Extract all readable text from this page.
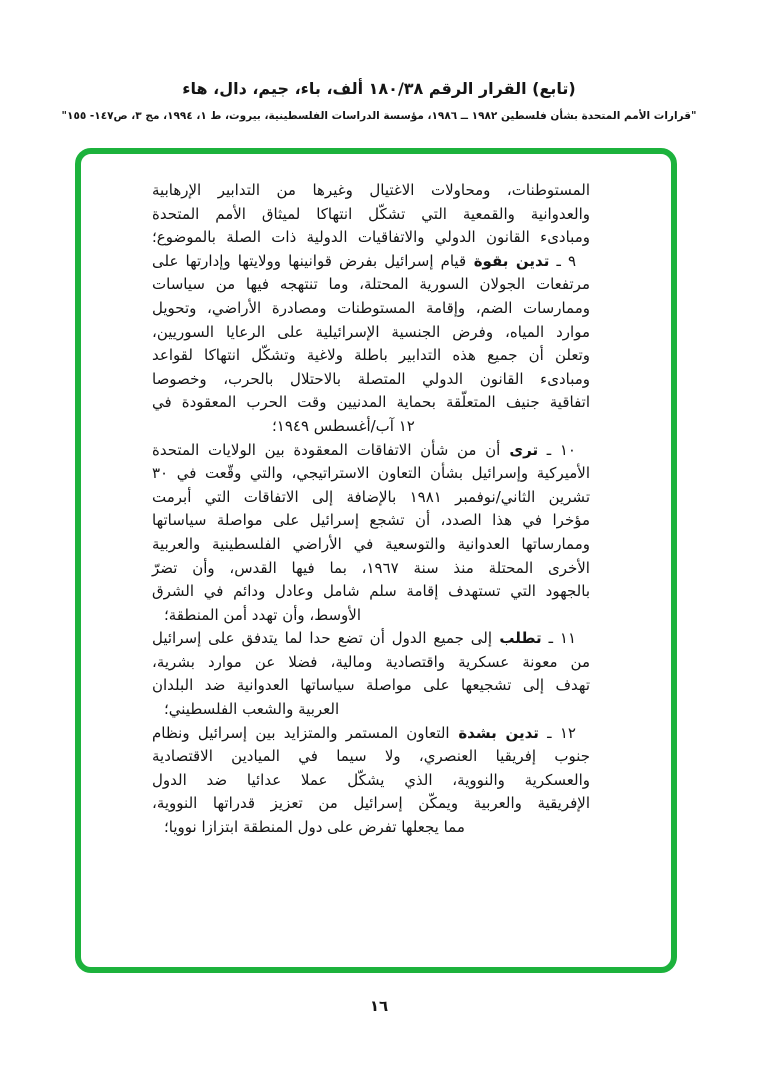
(تابع) القرار الرقم ١٨٠/٣٨ ألف، باء، جيم، دال، هاء
"قرارات الأمم المتحدة بشأن فلسطين ١٩٨٢ ــ ١٩٨٦، مؤسسة الدراسات الفلسطينية، بيروت، ط ١، ١٩٩٤، مج ٣، ص١٤٧- ١٥٥"
المستوطنات، ومحاولات الاغتيال وغيرها من التدابير الإرهابية
والعدوانية والقمعية التي تشكّل انتهاكا لميثاق الأمم المتحدة
ومبادىء القانون الدولي والاتفاقيات الدولية ذات الصلة بالموضوع؛
٩ ـ تدين بقوة قيام إسرائيل بفرض قوانينها وولايتها وإدارتها على
مرتفعات الجولان السورية المحتلة، وما تنتهجه فيها من سياسات
وممارسات الضم، وإقامة المستوطنات ومصادرة الأراضي، وتحويل
موارد المياه، وفرض الجنسية الإسرائيلية على الرعايا السوريين،
وتعلن أن جميع هذه التدابير باطلة ولاغية وتشكّل انتهاكا لقواعد
ومبادىء القانون الدولي المتصلة بالاحتلال بالحرب، وخصوصا
اتفاقية جنيف المتعلّقة بحماية المدنيين وقت الحرب المعقودة في
١٢ آب/أغسطس ١٩٤٩؛
١٠ ـ ترى أن من شأن الاتفاقات المعقودة بين الولايات المتحدة
الأميركية وإسرائيل بشأن التعاون الاستراتيجي، والتي وقّعت في ٣٠
تشرين الثاني/نوفمبر ١٩٨١ بالإضافة إلى الاتفاقات التي أبرمت
مؤخرا في هذا الصدد، أن تشجع إسرائيل على مواصلة سياساتها
وممارساتها العدوانية والتوسعية في الأراضي الفلسطينية والعربية
الأخرى المحتلة منذ سنة ١٩٦٧، بما فيها القدس، وأن تضرّ
بالجهود التي تستهدف إقامة سلم شامل وعادل ودائم في الشرق
الأوسط، وأن تهدد أمن المنطقة؛
١١ ـ تطلب إلى جميع الدول أن تضع حدا لما يتدفق على إسرائيل
من معونة عسكرية واقتصادية ومالية، فضلا عن موارد بشرية،
تهدف إلى تشجيعها على مواصلة سياساتها العدوانية ضد البلدان
العربية والشعب الفلسطيني؛
١٢ ـ تدين بشدة التعاون المستمر والمتزايد بين إسرائيل ونظام
جنوب إفريقيا العنصري، ولا سيما في الميادين الاقتصادية
والعسكرية والنووية، الذي يشكّل عملا عدائيا ضد الدول
الإفريقية والعربية ويمكّن إسرائيل من تعزيز قدراتها النووية،
مما يجعلها تفرض على دول المنطقة ابتزازا نوويا؛
١٦
